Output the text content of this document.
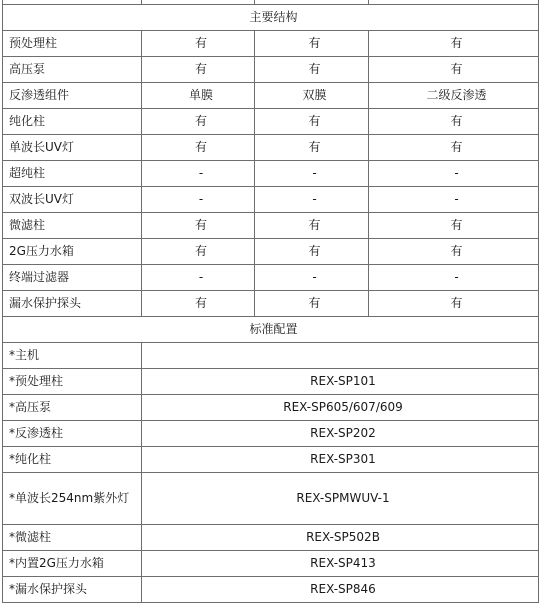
主要结构			
预处理柱	有	有	有
高压泵	有	有	有
反渗透组件	单膜	双膜	二级反渗透
纯化柱	有	有	有
单波长UV灯	有	有	有
超纯柱	-	-	-
双波长UV灯	-	-	-
微滤柱	有	有	有
2G压力水箱	有	有	有
终端过滤器	-	-	-
漏水保护探头	有	有	有
标准配置			
*主机			
*预处理柱	REX-SP101		
*高压泵	REX-SP605/607/609		
*反渗透柱	REX-SP202		
*纯化柱	REX-SP301		
*单波长254nm紫外灯	REX-SPMWUV-1		
*微滤柱	REX-SP502B		
*内置2G压力水箱	REX-SP413		
*漏水保护探头	REX-SP846		
